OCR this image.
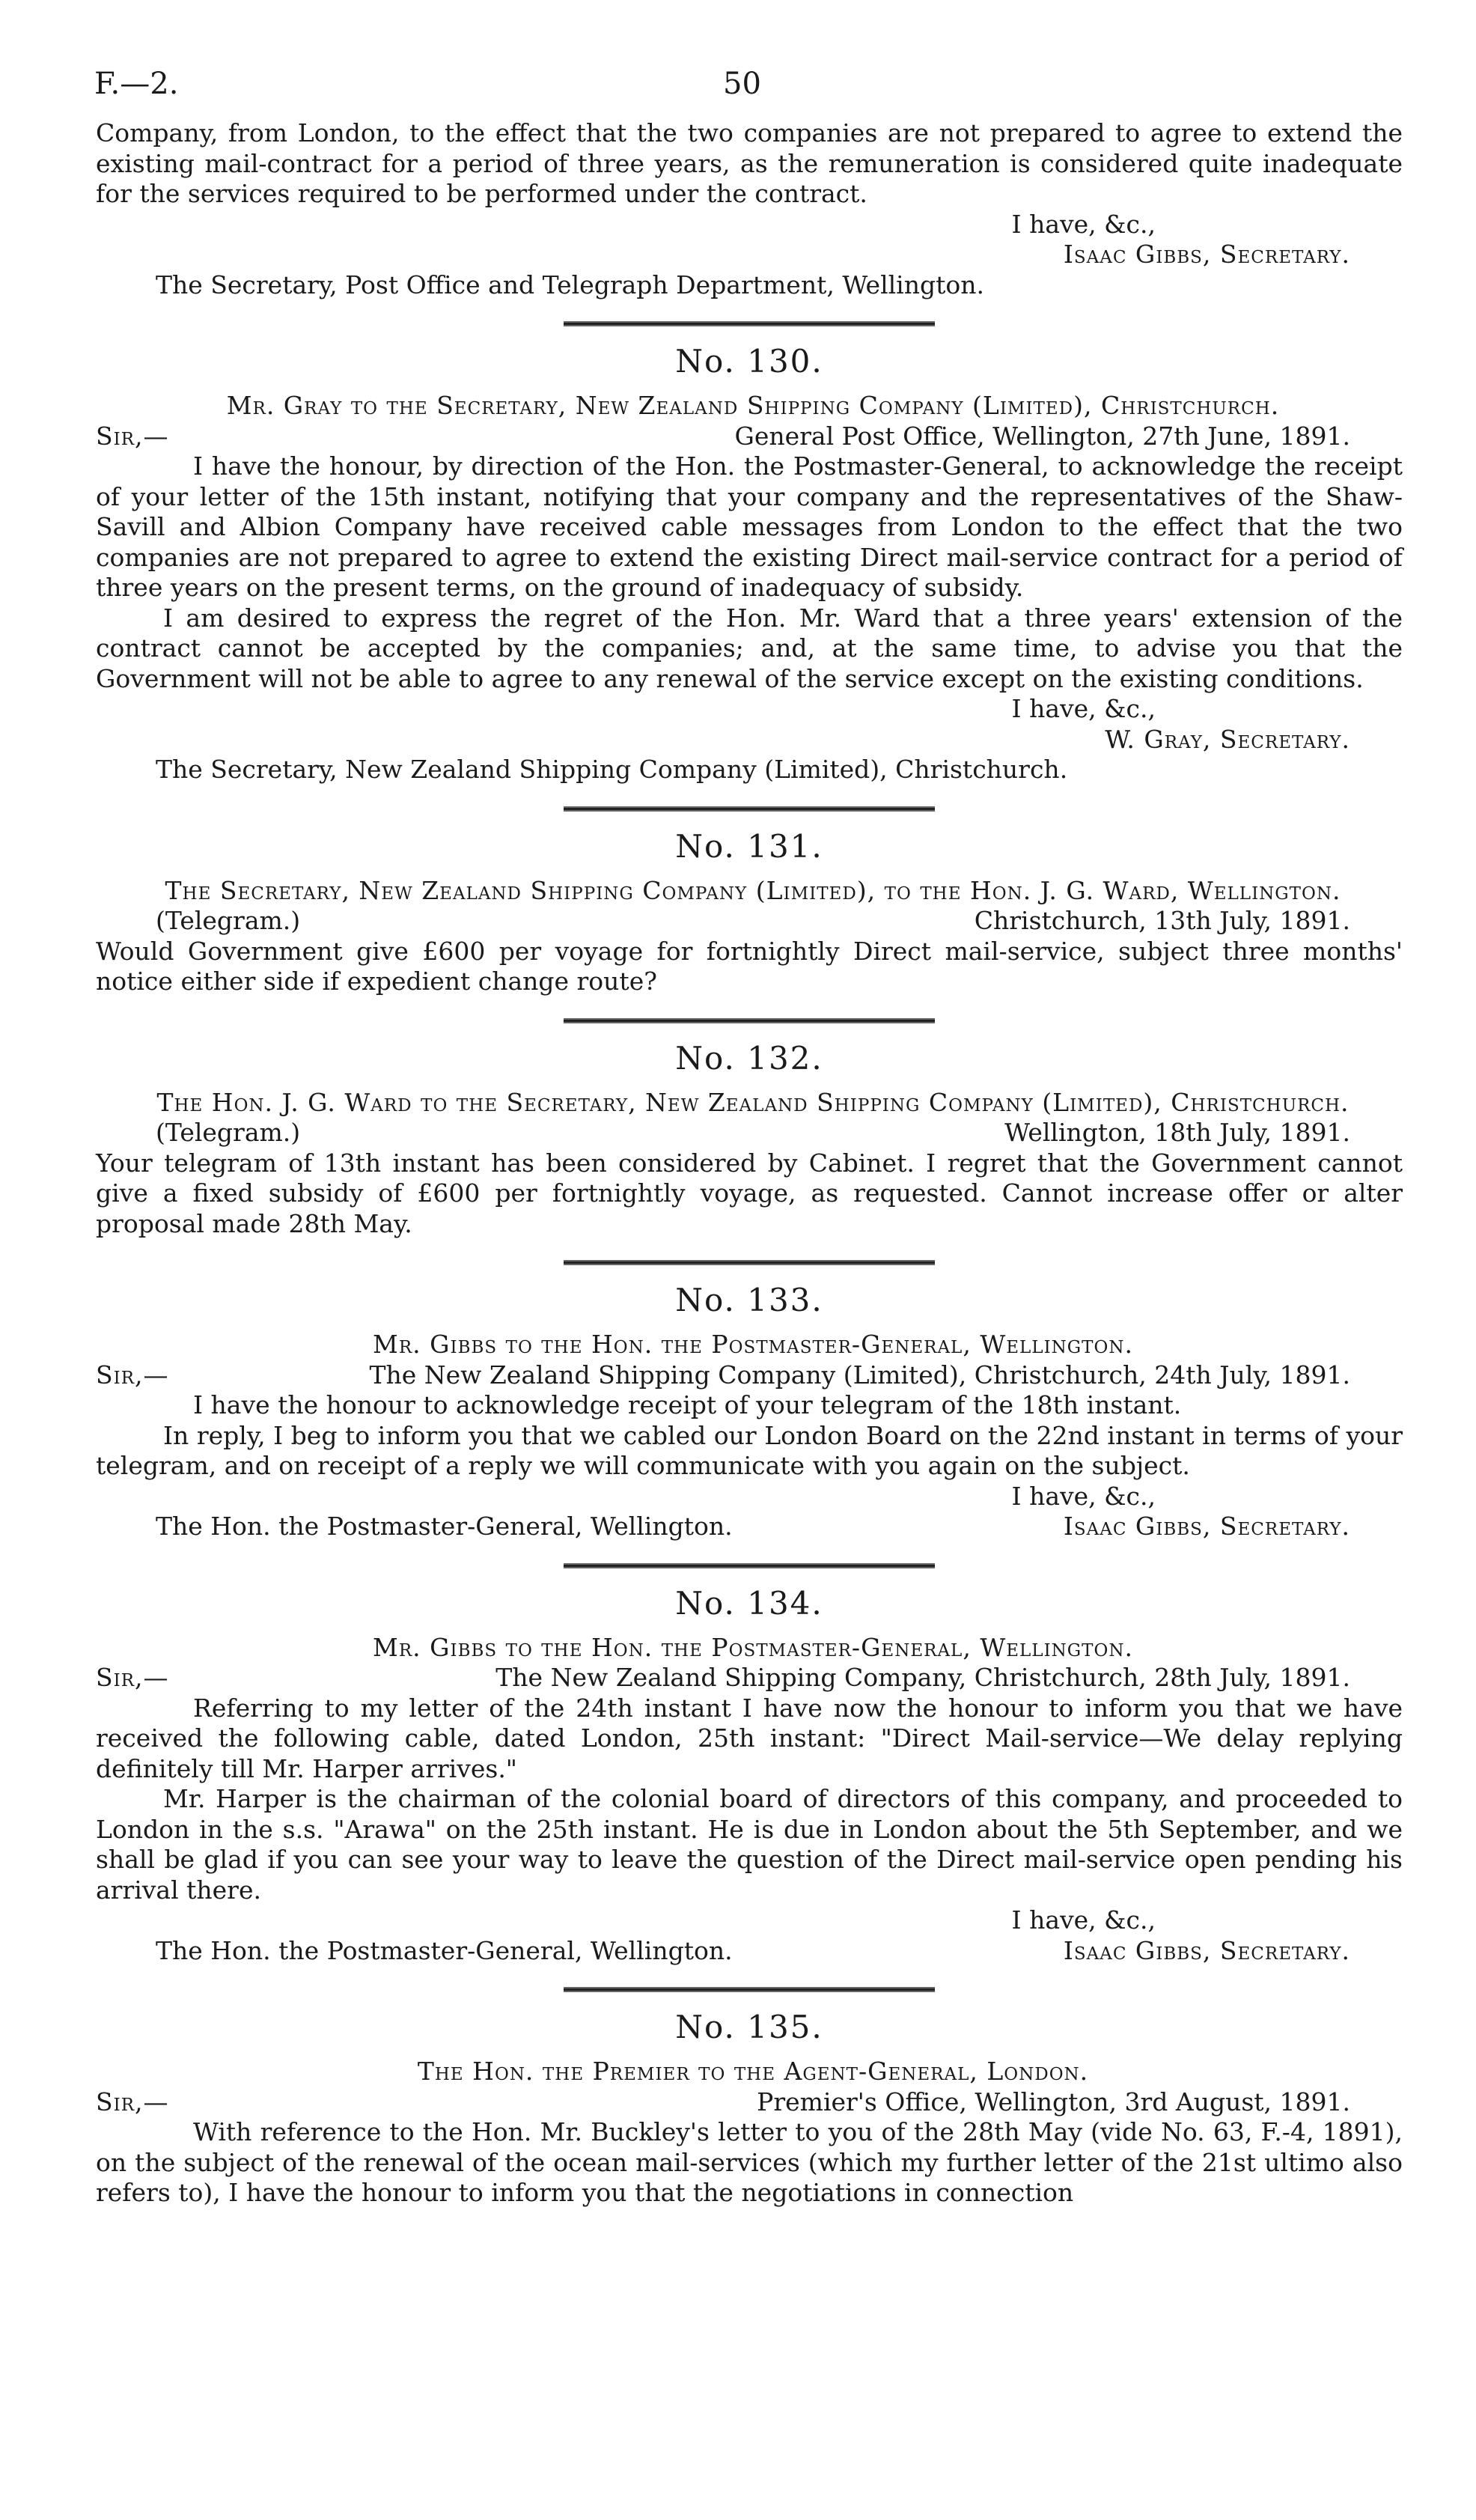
F.—2.	50

Company, from London, to the effect that the two companies are not prepared to agree to extend the existing mail-contract for a period of three years, as the remuneration is considered quite inadequate for the services required to be performed under the contract.

I have, &c.,

Isaac Gibbs, Secretary.

The Secretary, Post Office and Telegraph Department, Wellington.

No. 130.
Mr. Gray to the Secretary, New Zealand Shipping Company (Limited), Christchurch.
Sir,—	General Post Office, Wellington, 27th June, 1891.

I have the honour, by direction of the Hon. the Postmaster-General, to acknowledge the receipt of your letter of the 15th instant, notifying that your company and the representatives of the Shaw-Savill and Albion Company have received cable messages from London to the effect that the two companies are not prepared to agree to extend the existing Direct mail-service contract for a period of three years on the present terms, on the ground of inadequacy of subsidy.

I am desired to express the regret of the Hon. Mr. Ward that a three years' extension of the contract cannot be accepted by the companies; and, at the same time, to advise you that the Government will not be able to agree to any renewal of the service except on the existing conditions.

I have, &c.,

W. Gray, Secretary.

The Secretary, New Zealand Shipping Company (Limited), Christchurch.

No. 131.
The Secretary, New Zealand Shipping Company (Limited), to the Hon. J. G. Ward, Wellington.
(Telegram.)	Christchurch, 13th July, 1891.

Would Government give £600 per voyage for fortnightly Direct mail-service, subject three months' notice either side if expedient change route?

No. 132.
The Hon. J. G. Ward to the Secretary, New Zealand Shipping Company (Limited), Christchurch.
(Telegram.)	Wellington, 18th July, 1891.

Your telegram of 13th instant has been considered by Cabinet. I regret that the Government cannot give a fixed subsidy of £600 per fortnightly voyage, as requested. Cannot increase offer or alter proposal made 28th May.

No. 133.
Mr. Gibbs to the Hon. the Postmaster-General, Wellington.
Sir,—	The New Zealand Shipping Company (Limited), Christchurch, 24th July, 1891.

I have the honour to acknowledge receipt of your telegram of the 18th instant.

In reply, I beg to inform you that we cabled our London Board on the 22nd instant in terms of your telegram, and on receipt of a reply we will communicate with you again on the subject.

I have, &c.,

The Hon. the Postmaster-General, Wellington.	Isaac Gibbs, Secretary.
No. 134.
Mr. Gibbs to the Hon. the Postmaster-General, Wellington.
Sir,—	The New Zealand Shipping Company, Christchurch, 28th July, 1891.

Referring to my letter of the 24th instant I have now the honour to inform you that we have received the following cable, dated London, 25th instant: "Direct Mail-service—We delay replying definitely till Mr. Harper arrives."

Mr. Harper is the chairman of the colonial board of directors of this company, and proceeded to London in the s.s. "Arawa" on the 25th instant. He is due in London about the 5th September, and we shall be glad if you can see your way to leave the question of the Direct mail-service open pending his arrival there.

I have, &c.,

The Hon. the Postmaster-General, Wellington.	Isaac Gibbs, Secretary.
No. 135.
The Hon. the Premier to the Agent-General, London.
Sir,—	Premier's Office, Wellington, 3rd August, 1891.

With reference to the Hon. Mr. Buckley's letter to you of the 28th May (vide No. 63, F.-4, 1891), on the subject of the renewal of the ocean mail-services (which my further letter of the 21st ultimo also refers to), I have the honour to inform you that the negotiations in connection
